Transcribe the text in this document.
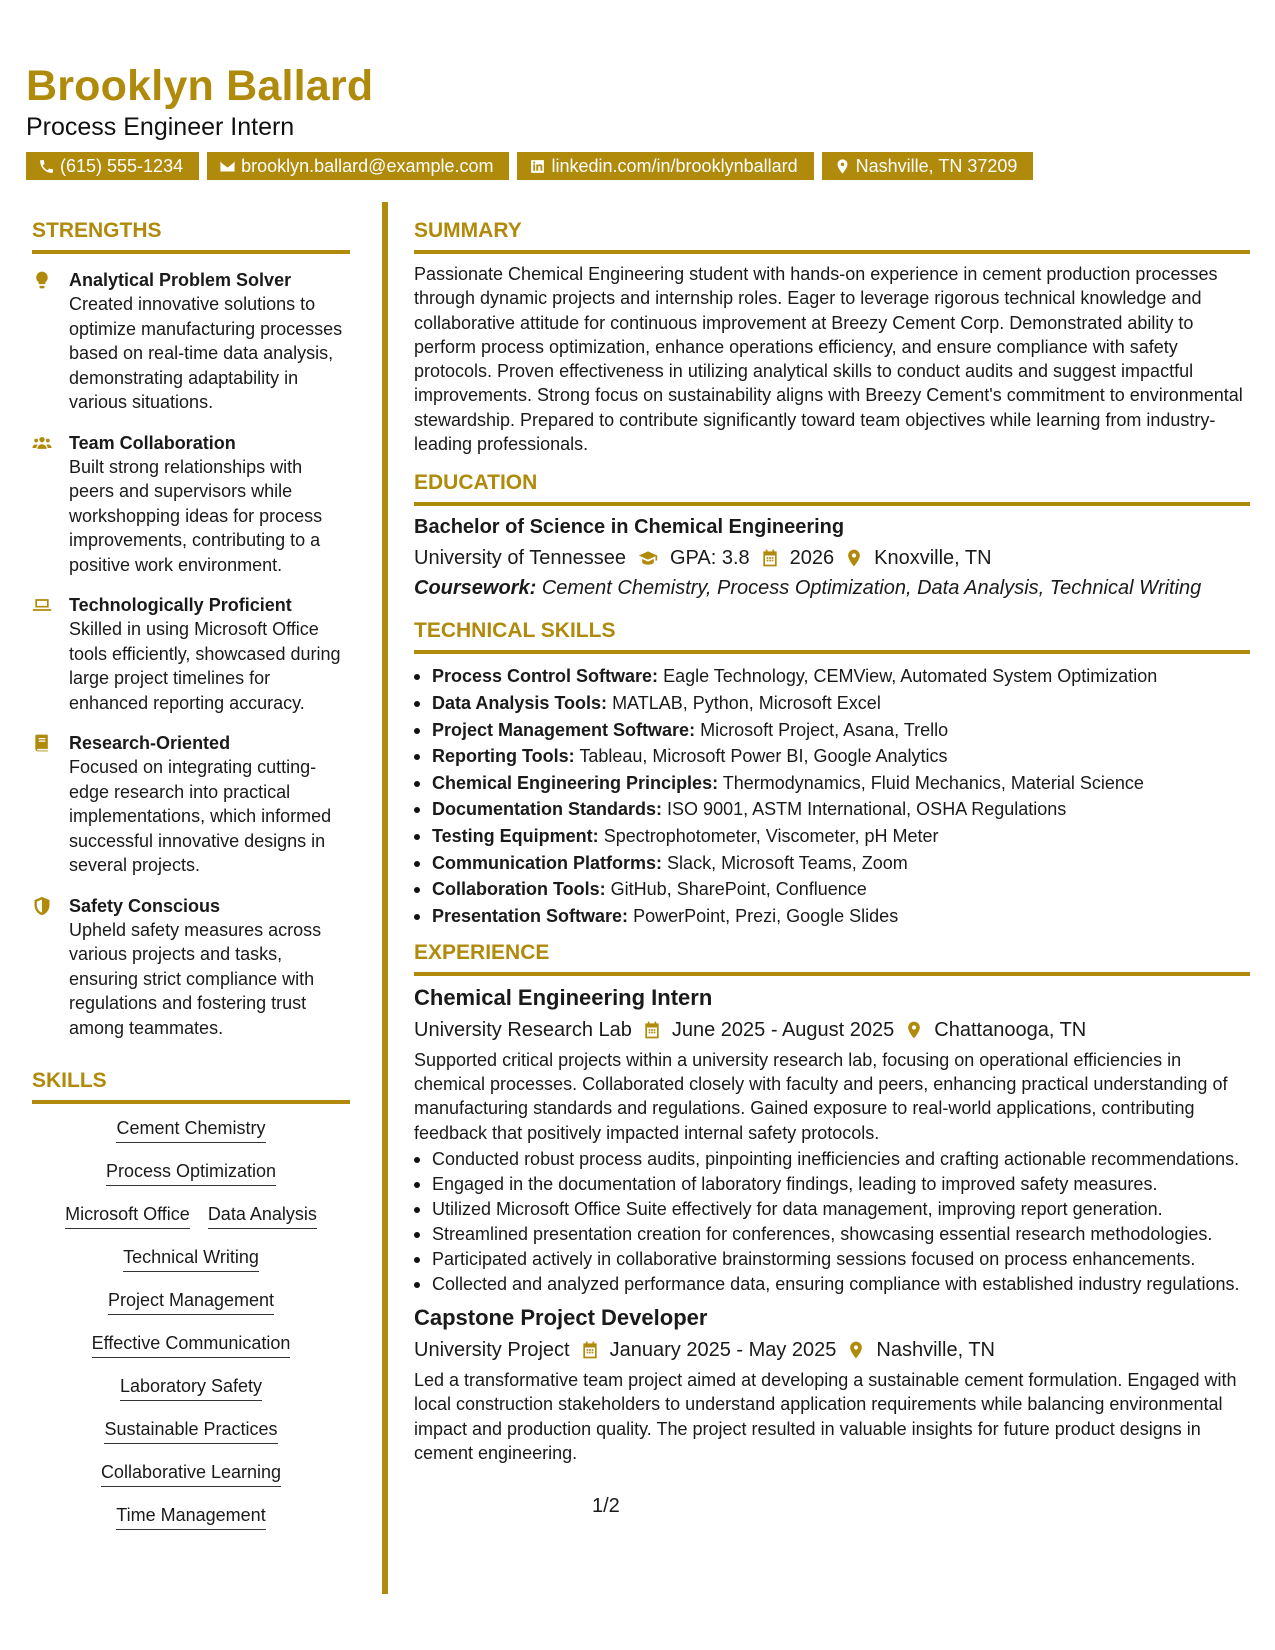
Brooklyn Ballard
Process Engineer Intern
(615) 555-1234	brooklyn.ballard@example.com	linkedin.com/in/brooklynballard	Nashville, TN 37209
STRENGTHS
Analytical Problem Solver
Created innovative solutions to optimize manufacturing processes based on real-time data analysis, demonstrating adaptability in various situations.
Team Collaboration
Built strong relationships with peers and supervisors while workshopping ideas for process improvements, contributing to a positive work environment.
Technologically Proficient
Skilled in using Microsoft Office tools efficiently, showcased during large project timelines for enhanced reporting accuracy.
Research-Oriented
Focused on integrating cutting-edge research into practical implementations, which informed successful innovative designs in several projects.
Safety Conscious
Upheld safety measures across various projects and tasks, ensuring strict compliance with regulations and fostering trust among teammates.
SKILLS
Cement Chemistry
Process Optimization
Microsoft Office Data Analysis
Technical Writing
Project Management
Effective Communication
Laboratory Safety
Sustainable Practices
Collaborative Learning
Time Management
SUMMARY
Passionate Chemical Engineering student with hands-on experience in cement production processes through dynamic projects and internship roles. Eager to leverage rigorous technical knowledge and collaborative attitude for continuous improvement at Breezy Cement Corp. Demonstrated ability to perform process optimization, enhance operations efficiency, and ensure compliance with safety protocols. Proven effectiveness in utilizing analytical skills to conduct audits and suggest impactful improvements. Strong focus on sustainability aligns with Breezy Cement's commitment to environmental stewardship. Prepared to contribute significantly toward team objectives while learning from industry-leading professionals.
EDUCATION
Bachelor of Science in Chemical Engineering
University of Tennessee GPA: 3.8 2026 Knoxville, TN
Coursework: Cement Chemistry, Process Optimization, Data Analysis, Technical Writing
TECHNICAL SKILLS
Process Control Software: Eagle Technology, CEMView, Automated System Optimization
Data Analysis Tools: MATLAB, Python, Microsoft Excel
Project Management Software: Microsoft Project, Asana, Trello
Reporting Tools: Tableau, Microsoft Power BI, Google Analytics
Chemical Engineering Principles: Thermodynamics, Fluid Mechanics, Material Science
Documentation Standards: ISO 9001, ASTM International, OSHA Regulations
Testing Equipment: Spectrophotometer, Viscometer, pH Meter
Communication Platforms: Slack, Microsoft Teams, Zoom
Collaboration Tools: GitHub, SharePoint, Confluence
Presentation Software: PowerPoint, Prezi, Google Slides
EXPERIENCE
Chemical Engineering Intern
University Research Lab June 2025 - August 2025 Chattanooga, TN
Supported critical projects within a university research lab, focusing on operational efficiencies in chemical processes. Collaborated closely with faculty and peers, enhancing practical understanding of manufacturing standards and regulations. Gained exposure to real-world applications, contributing feedback that positively impacted internal safety protocols.
Conducted robust process audits, pinpointing inefficiencies and crafting actionable recommendations.
Engaged in the documentation of laboratory findings, leading to improved safety measures.
Utilized Microsoft Office Suite effectively for data management, improving report generation.
Streamlined presentation creation for conferences, showcasing essential research methodologies.
Participated actively in collaborative brainstorming sessions focused on process enhancements.
Collected and analyzed performance data, ensuring compliance with established industry regulations.
Capstone Project Developer
University Project January 2025 - May 2025 Nashville, TN
Led a transformative team project aimed at developing a sustainable cement formulation. Engaged with local construction stakeholders to understand application requirements while balancing environmental impact and production quality. The project resulted in valuable insights for future product designs in cement engineering.
1/2
